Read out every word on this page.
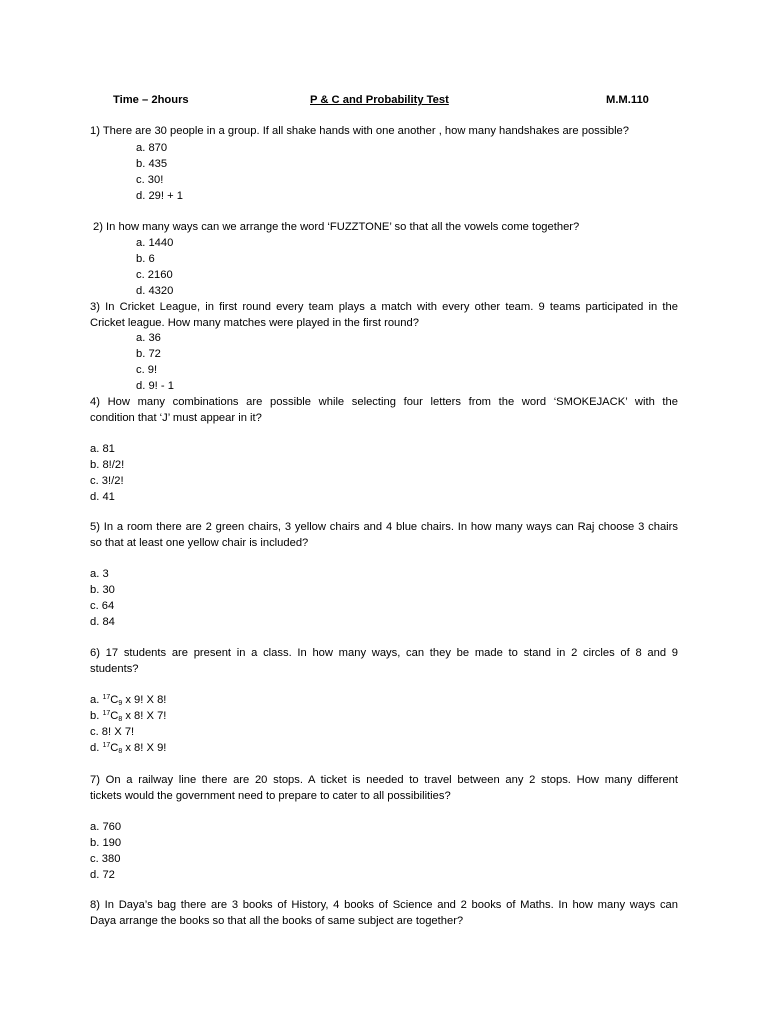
Time – 2hours	P & C and Probability Test	M.M.110
1) There are 30 people in a group. If all shake hands with one another , how many handshakes are possible?
a. 870
b. 435
c. 30!
d. 29! + 1
2) In how many ways can we arrange the word ‘FUZZTONE’ so that all the vowels come together?
a. 1440
b. 6
c. 2160
d. 4320
3) In Cricket League, in first round every team plays a match with every other team. 9 teams participated in the
Cricket league. How many matches were played in the first round?
a. 36
b. 72
c. 9!
d. 9! - 1
4) How many combinations are possible while selecting four letters from the word ‘SMOKEJACK’ with the
condition that ‘J’ must appear in it?
a. 81
b. 8!/2!
c. 3!/2!
d. 41
5) In a room there are 2 green chairs, 3 yellow chairs and 4 blue chairs. In how many ways can Raj choose 3 chairs
so that at least one yellow chair is included?
a. 3
b. 30
c. 64
d. 84
6) 17 students are present in a class. In how many ways, can they be made to stand in 2 circles of 8 and 9
students?
a. $^{17}C_9$ x 9! X 8!
b. $^{17}C_8$ x 8! X 7!
c. 8! X 7!
d. $^{17}C_8$ x 8! X 9!
7) On a railway line there are 20 stops. A ticket is needed to travel between any 2 stops. How many different
tickets would the government need to prepare to cater to all possibilities?
a. 760
b. 190
c. 380
d. 72
8) In Daya’s bag there are 3 books of History, 4 books of Science and 2 books of Maths. In how many ways can
Daya arrange the books so that all the books of same subject are together?
